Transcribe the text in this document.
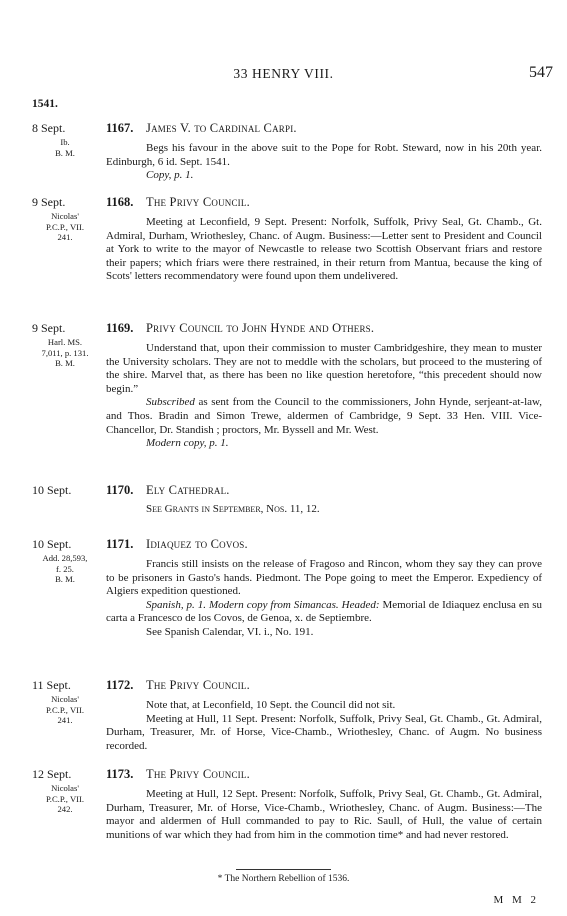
33 HENRY VIII.	547
1541.
8 Sept.
Ib.
B. M.
1167. James V. to Cardinal Carpi.

Begs his favour in the above suit to the Pope for Robt. Steward, now in his 20th year. Edinburgh, 6 id. Sept. 1541.

Copy, p. 1.

9 Sept.
Nicolas'
P.C.P., VII.
241.
1168. The Privy Council.

Meeting at Leconfield, 9 Sept. Present: Norfolk, Suffolk, Privy Seal, Gt. Chamb., Gt. Admiral, Durham, Wriothesley, Chanc. of Augm. Business:—Letter sent to President and Council at York to write to the mayor of Newcastle to release two Scottish Observant friars and restore their papers; which friars were there restrained, in their return from Mantua, because the king of Scots' letters recommendatory were found upon them undelivered.

9 Sept.
Harl. MS.
7,011, p. 131.
B. M.
1169. Privy Council to John Hynde and Others.

Understand that, upon their commission to muster Cambridgeshire, they mean to muster the University scholars. They are not to meddle with the scholars, but proceed to the mustering of the shire. Marvel that, as there has been no like question heretofore, “this precedent should now begin.”

Subscribed as sent from the Council to the commissioners, John Hynde, serjeant-at-law, and Thos. Bradin and Simon Trewe, aldermen of Cambridge, 9 Sept. 33 Hen. VIII. Vice-Chancellor, Dr. Standish ; proctors, Mr. Byssell and Mr. West.

Modern copy, p. 1.

10 Sept.	1170. Ely Cathedral.

See Grants in September, Nos. 11, 12.

10 Sept.
Add. 28,593,
f. 25.
B. M.
1171. Idiaquez to Covos.

Francis still insists on the release of Fragoso and Rincon, whom they say they can prove to be prisoners in Gasto's hands. Piedmont. The Pope going to meet the Emperor. Expediency of Algiers expedition questioned.

Spanish, p. 1. Modern copy from Simancas. Headed: Memorial de Idiaquez enclusa en su carta a Francesco de los Covos, de Genoa, x. de Septiembre.

See Spanish Calendar, VI. i., No. 191.

11 Sept.
Nicolas'
P.C.P., VII.
241.
1172. The Privy Council.

Note that, at Leconfield, 10 Sept. the Council did not sit.

Meeting at Hull, 11 Sept. Present: Norfolk, Suffolk, Privy Seal, Gt. Chamb., Gt. Admiral, Durham, Treasurer, Mr. of Horse, Vice-Chamb., Wriothesley, Chanc. of Augm. No business recorded.

12 Sept.
Nicolas'
P.C.P., VII.
242.
1173. The Privy Council.

Meeting at Hull, 12 Sept. Present: Norfolk, Suffolk, Privy Seal, Gt. Chamb., Gt. Admiral, Durham, Treasurer, Mr. of Horse, Vice-Chamb., Wriothesley, Chanc. of Augm. Business:—The mayor and aldermen of Hull commanded to pay to Ric. Saull, of Hull, the value of certain munitions of war which they had from him in the commotion time* and had never restored.

* The Northern Rebellion of 1536.
M M 2
